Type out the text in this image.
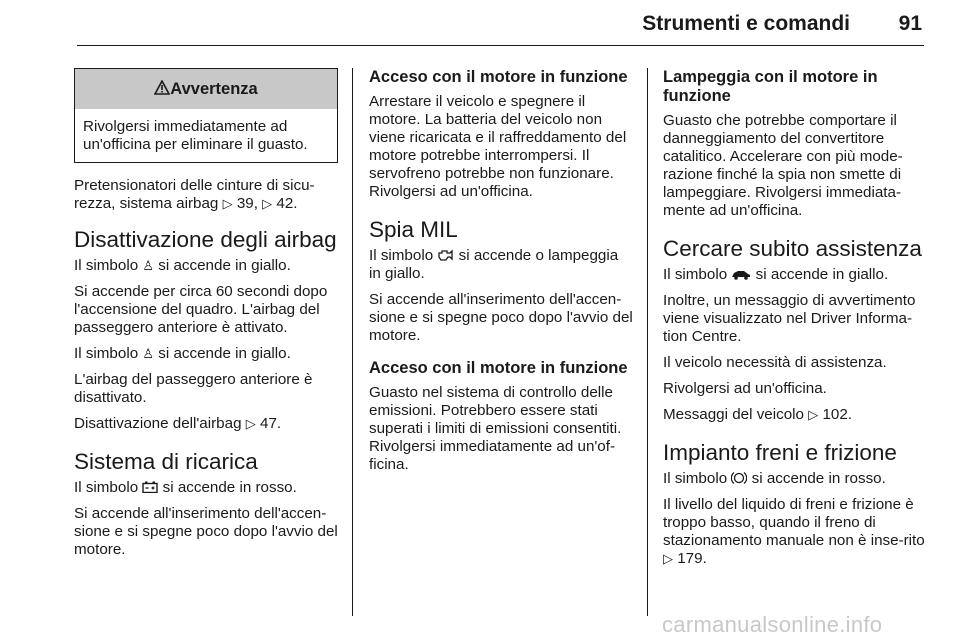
Strumenti e comandi 91
Avvertenza
Rivolgersi immediatamente ad un'officina per eliminare il guasto.

Pretensionatori delle cinture di sicu-
rezza, sistema airbag ▷ 39, ▷ 42.

Disattivazione degli airbag

Il simbolo ♙ si accende in giallo.

Si accende per circa 60 secondi dopo l'accensione del quadro. L'airbag del passeggero anteriore è attivato.

Il simbolo ♙ si accende in giallo.

L'airbag del passeggero anteriore è disattivato.

Disattivazione dell'airbag ▷ 47.

Sistema di ricarica

Il simbolo si accende in rosso.

Si accende all'inserimento dell'accen-sione e si spegne poco dopo l'avvio del motore.

Acceso con il motore in funzione

Arrestare il veicolo e spegnere il motore. La batteria del veicolo non viene ricaricata e il raffreddamento del motore potrebbe interrompersi. Il servofreno potrebbe non funzionare. Rivolgersi ad un'officina.

Spia MIL

Il simbolo si accende o lampeggia in giallo.

Si accende all'inserimento dell'accen-sione e si spegne poco dopo l'avvio del motore.

Acceso con il motore in funzione

Guasto nel sistema di controllo delle emissioni. Potrebbero essere stati superati i limiti di emissioni consentiti. Rivolgersi immediatamente ad un'of-ficina.

Lampeggia con il motore in funzione

Guasto che potrebbe comportare il danneggiamento del convertitore catalitico. Accelerare con più mode-razione finché la spia non smette di lampeggiare. Rivolgersi immediata-mente ad un'officina.

Cercare subito assistenza

Il simbolo si accende in giallo.

Inoltre, un messaggio di avvertimento viene visualizzato nel Driver Informa-tion Centre.

Il veicolo necessità di assistenza.

Rivolgersi ad un'officina.

Messaggi del veicolo ▷ 102.

Impianto freni e frizione

Il simbolo si accende in rosso.

Il livello del liquido di freni e frizione è troppo basso, quando il freno di stazionamento manuale non è inse-rito ▷ 179.

carmanualsonline.info
